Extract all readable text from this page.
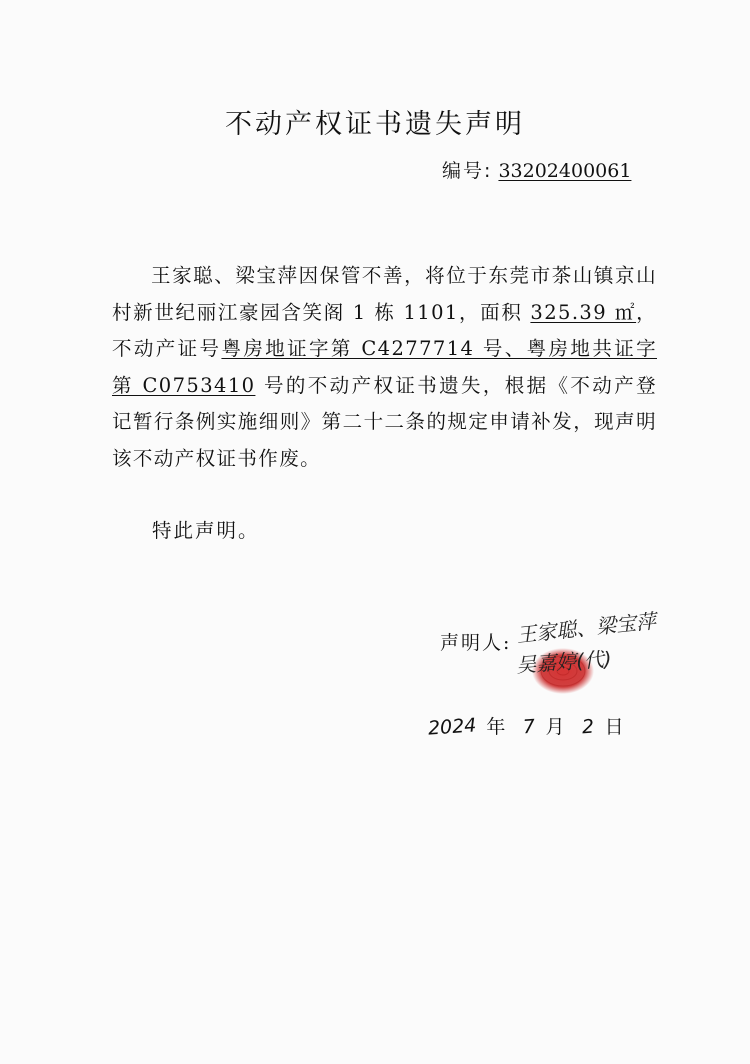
不动产权证书遗失声明
编号: 33202400061

王家聪、梁宝萍因保管不善，将位于东莞市茶山镇京山村新世纪丽江豪园含笑阁 1 栋 1101，面积 325.39 ㎡，不动产证号粤房地证字第 C4277714 号、粤房地共证字第 C0753410 号的不动产权证书遗失，根据《不动产登记暂行条例实施细则》第二十二条的规定申请补发，现声明该不动产权证书作废。

特此声明。
声明人: 王家聪、梁宝萍
吴嘉婷(代)
2024 年 7 月 2 日
